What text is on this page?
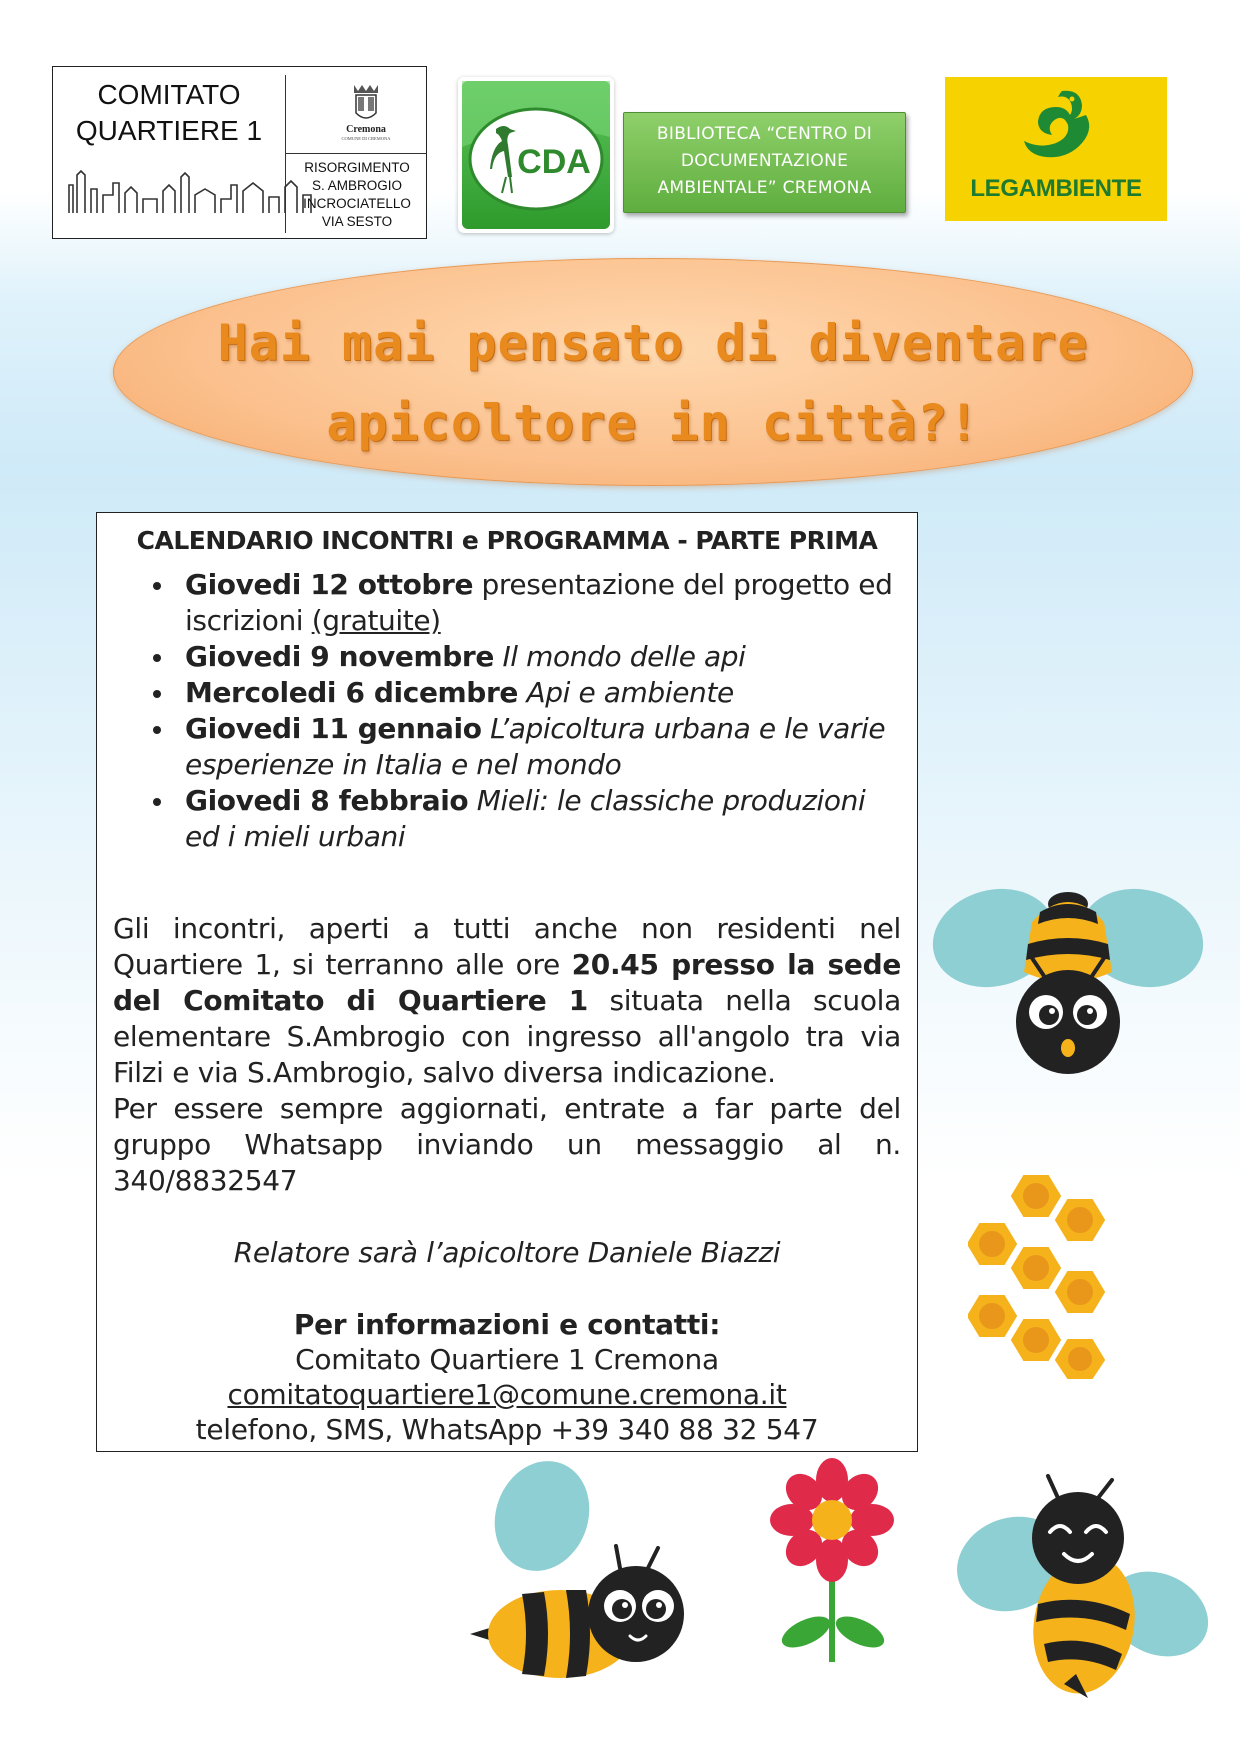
COMITATO
QUARTIERE 1	Cremona
COMUNE DI CREMONA
RISORGIMENTO
S. AMBROGIO
INCROCIATELLO
VIA SESTO
CDA
BIBLIOTECA “CENTRO DI
DOCUMENTAZIONE
AMBIENTALE” CREMONA	LEGAMBIENTE
Hai mai pensato di diventare
apicoltore in città?!
CALENDARIO INCONTRI e PROGRAMMA - PARTE PRIMA
Giovedi 12 ottobre presentazione del progetto ed iscrizioni (gratuite)
Giovedi 9 novembre Il mondo delle api
Mercoledi 6 dicembre Api e ambiente
Giovedi 11 gennaio L’apicoltura urbana e le varie esperienze in Italia e nel mondo
Giovedi 8 febbraio Mieli: le classiche produzioni ed i mieli urbani
Gli incontri, aperti a tutti anche non residenti nel Quartiere 1, si terranno alle ore 20.45 presso la sede del Comitato di Quartiere 1 situata nella scuola elementare S.Ambrogio con ingresso all'angolo tra via Filzi e via S.Ambrogio, salvo diversa indicazione.
Per essere sempre aggiornati, entrate a far parte del gruppo Whatsapp inviando un messaggio al n. 340/8832547
Relatore sarà l’apicoltore Daniele Biazzi
Per informazioni e contatti:
Comitato Quartiere 1 Cremona
comitatoquartiere1@comune.cremona.it
telefono, SMS, WhatsApp +39 340 88 32 547
